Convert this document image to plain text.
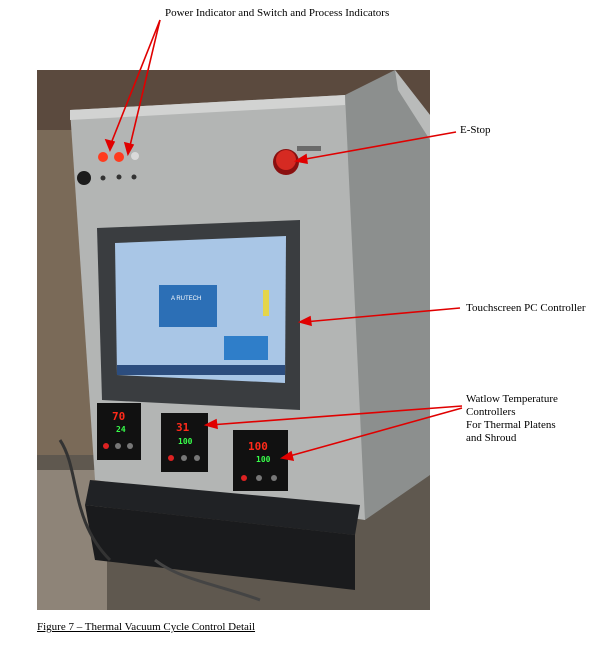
A RUTECH
70
24	31
100	100
100
Power Indicator and Switch and Process Indicators
E-Stop
Touchscreen PC Controller
Watlow Temperature
Controllers
For Thermal Platens
and Shroud
Figure 7 – Thermal Vacuum Cycle Control Detail
